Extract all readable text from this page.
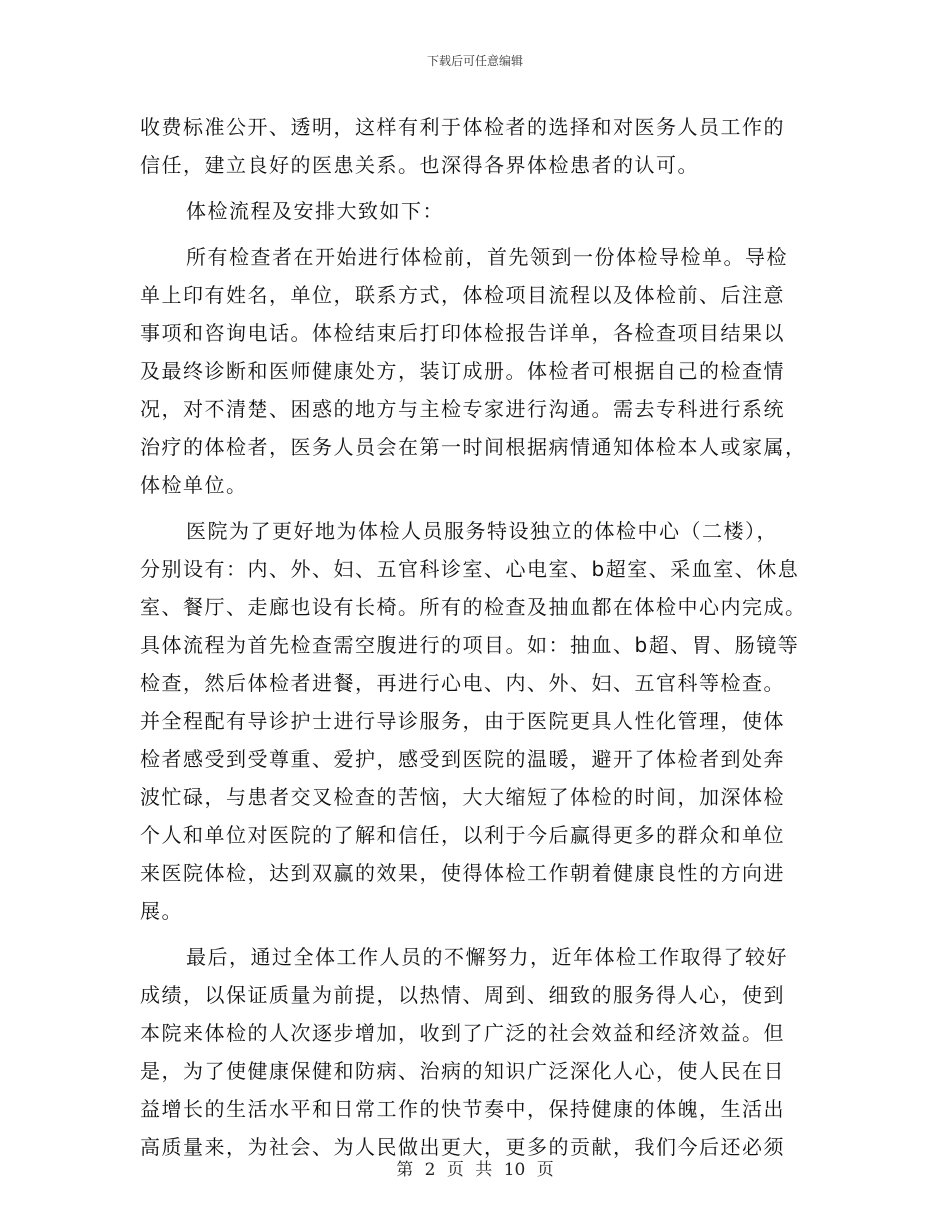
下载后可任意编辑
收费标准公开、透明，这样有利于体检者的选择和对医务人员工作的
信任，建立良好的医患关系。也深得各界体检患者的认可。
体检流程及安排大致如下：
所有检查者在开始进行体检前，首先领到一份体检导检单。导检
单上印有姓名，单位，联系方式，体检项目流程以及体检前、后注意
事项和咨询电话。体检结束后打印体检报告详单，各检查项目结果以
及最终诊断和医师健康处方，装订成册。体检者可根据自己的检查情
况，对不清楚、困惑的地方与主检专家进行沟通。需去专科进行系统
治疗的体检者，医务人员会在第一时间根据病情通知体检本人或家属，
体检单位。
医院为了更好地为体检人员服务特设独立的体检中心（二楼），
分别设有：内、外、妇、五官科诊室、心电室、b超室、采血室、休息
室、餐厅、走廊也设有长椅。所有的检查及抽血都在体检中心内完成。
具体流程为首先检查需空腹进行的项目。如：抽血、b超、胃、肠镜等
检查，然后体检者进餐，再进行心电、内、外、妇、五官科等检查。
并全程配有导诊护士进行导诊服务，由于医院更具人性化管理，使体
检者感受到受尊重、爱护，感受到医院的温暖，避开了体检者到处奔
波忙碌，与患者交叉检查的苦恼，大大缩短了体检的时间，加深体检
个人和单位对医院的了解和信任，以利于今后赢得更多的群众和单位
来医院体检，达到双赢的效果，使得体检工作朝着健康良性的方向进
展。
最后，通过全体工作人员的不懈努力，近年体检工作取得了较好
成绩，以保证质量为前提，以热情、周到、细致的服务得人心，使到
本院来体检的人次逐步增加，收到了广泛的社会效益和经济效益。但
是，为了使健康保健和防病、治病的知识广泛深化人心，使人民在日
益增长的生活水平和日常工作的快节奏中，保持健康的体魄，生活出
高质量来，为社会、为人民做出更大，更多的贡献，我们今后还必须
第 2 页 共 10 页
